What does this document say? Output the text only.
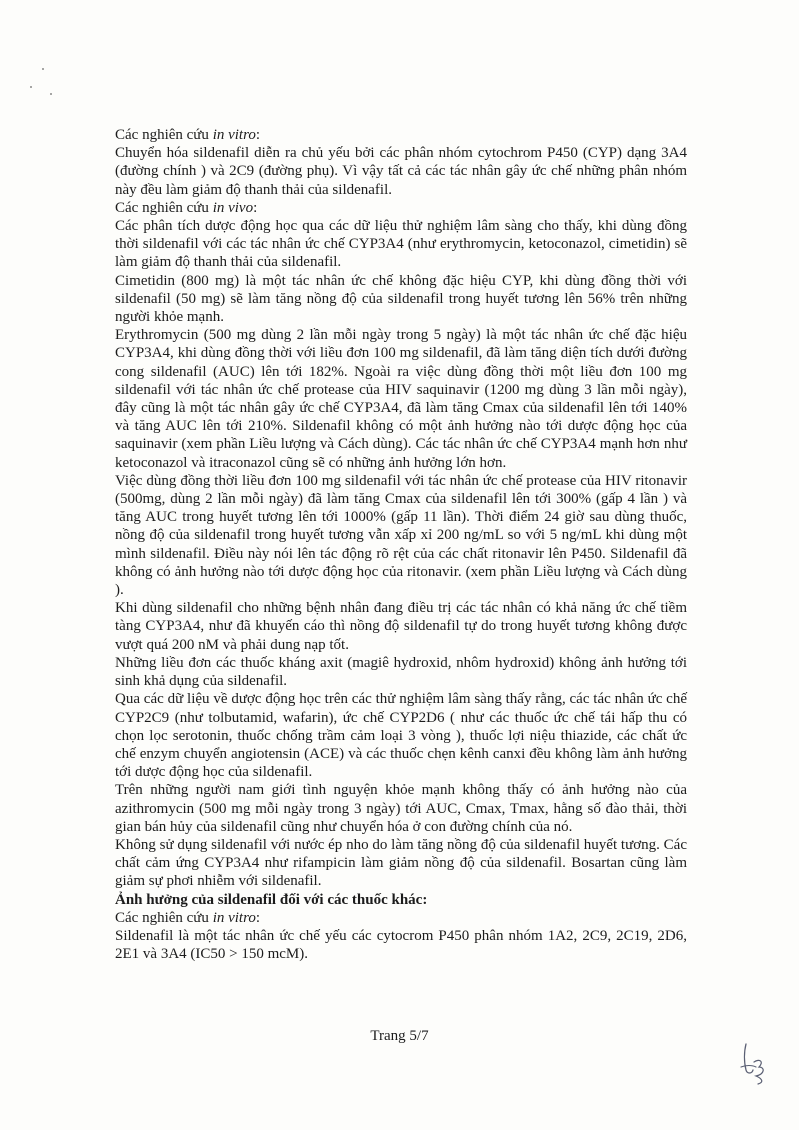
Các nghiên cứu in vitro:

Chuyển hóa sildenafil diễn ra chủ yếu bởi các phân nhóm cytochrom P450 (CYP) dạng 3A4 (đường chính ) và 2C9 (đường phụ). Vì vậy tất cả các tác nhân gây ức chế những phân nhóm này đều làm giảm độ thanh thải của sildenafil.

Các nghiên cứu in vivo:

Các phân tích dược động học qua các dữ liệu thử nghiệm lâm sàng cho thấy, khi dùng đồng thời sildenafil với các tác nhân ức chế CYP3A4 (như erythromycin, ketoconazol, cimetidin) sẽ làm giảm độ thanh thải của sildenafil.

Cimetidin (800 mg) là một tác nhân ức chế không đặc hiệu CYP, khi dùng đồng thời với sildenafil (50 mg) sẽ làm tăng nồng độ của sildenafil trong huyết tương lên 56% trên những người khỏe mạnh.

Erythromycin (500 mg dùng 2 lần mỗi ngày trong 5 ngày) là một tác nhân ức chế đặc hiệu CYP3A4, khi dùng đồng thời với liều đơn 100 mg sildenafil, đã làm tăng diện tích dưới đường cong sildenafil (AUC) lên tới 182%. Ngoài ra việc dùng đồng thời một liều đơn 100 mg sildenafil với tác nhân ức chế protease của HIV saquinavir (1200 mg dùng 3 lần mỗi ngày), đây cũng là một tác nhân gây ức chế CYP3A4, đã làm tăng Cmax của sildenafil lên tới 140% và tăng AUC lên tới 210%. Sildenafil không có một ảnh hưởng nào tới dược động học của saquinavir (xem phần Liều lượng và Cách dùng). Các tác nhân ức chế CYP3A4 mạnh hơn như ketoconazol và itraconazol cũng sẽ có những ảnh hưởng lớn hơn.

Việc dùng đồng thời liều đơn 100 mg sildenafil với tác nhân ức chế protease của HIV ritonavir (500mg, dùng 2 lần mỗi ngày) đã làm tăng Cmax của sildenafil lên tới 300% (gấp 4 lần ) và tăng AUC trong huyết tương lên tới 1000% (gấp 11 lần). Thời điểm 24 giờ sau dùng thuốc, nồng độ của sildenafil trong huyết tương vẫn xấp xỉ 200 ng/mL so với 5 ng/mL khi dùng một mình sildenafil. Điều này nói lên tác động rõ rệt của các chất ritonavir lên P450. Sildenafil đã không có ảnh hưởng nào tới dược động học của ritonavir. (xem phần Liều lượng và Cách dùng ).

Khi dùng sildenafil cho những bệnh nhân đang điều trị các tác nhân có khả năng ức chế tiềm tàng CYP3A4, như đã khuyến cáo thì nồng độ sildenafil tự do trong huyết tương không được vượt quá 200 nM và phải dung nạp tốt.

Những liều đơn các thuốc kháng axit (magiê hydroxid, nhôm hydroxid) không ảnh hưởng tới sinh khả dụng của sildenafil.

Qua các dữ liệu về dược động học trên các thử nghiệm lâm sàng thấy rằng, các tác nhân ức chế CYP2C9 (như tolbutamid, wafarin), ức chế CYP2D6 ( như các thuốc ức chế tái hấp thu có chọn lọc serotonin, thuốc chống trầm cảm loại 3 vòng ), thuốc lợi niệu thiazide, các chất ức chế enzym chuyển angiotensin (ACE) và các thuốc chẹn kênh canxi đều không làm ảnh hưởng tới dược động học của sildenafil.

Trên những người nam giới tình nguyện khỏe mạnh không thấy có ảnh hưởng nào của azithromycin (500 mg mỗi ngày trong 3 ngày) tới AUC, Cmax, Tmax, hằng số đào thải, thời gian bán hủy của sildenafil cũng như chuyển hóa ở con đường chính của nó.

Không sử dụng sildenafil với nước ép nho do làm tăng nồng độ của sildenafil huyết tương. Các chất cảm ứng CYP3A4 như rifampicin làm giảm nồng độ của sildenafil. Bosartan cũng làm giảm sự phơi nhiễm với sildenafil.

Ảnh hưởng của sildenafil đối với các thuốc khác:

Các nghiên cứu in vitro:

Sildenafil là một tác nhân ức chế yếu các cytocrom P450 phân nhóm 1A2, 2C9, 2C19, 2D6, 2E1 và 3A4 (IC50 > 150 mcM).

Trang 5/7
